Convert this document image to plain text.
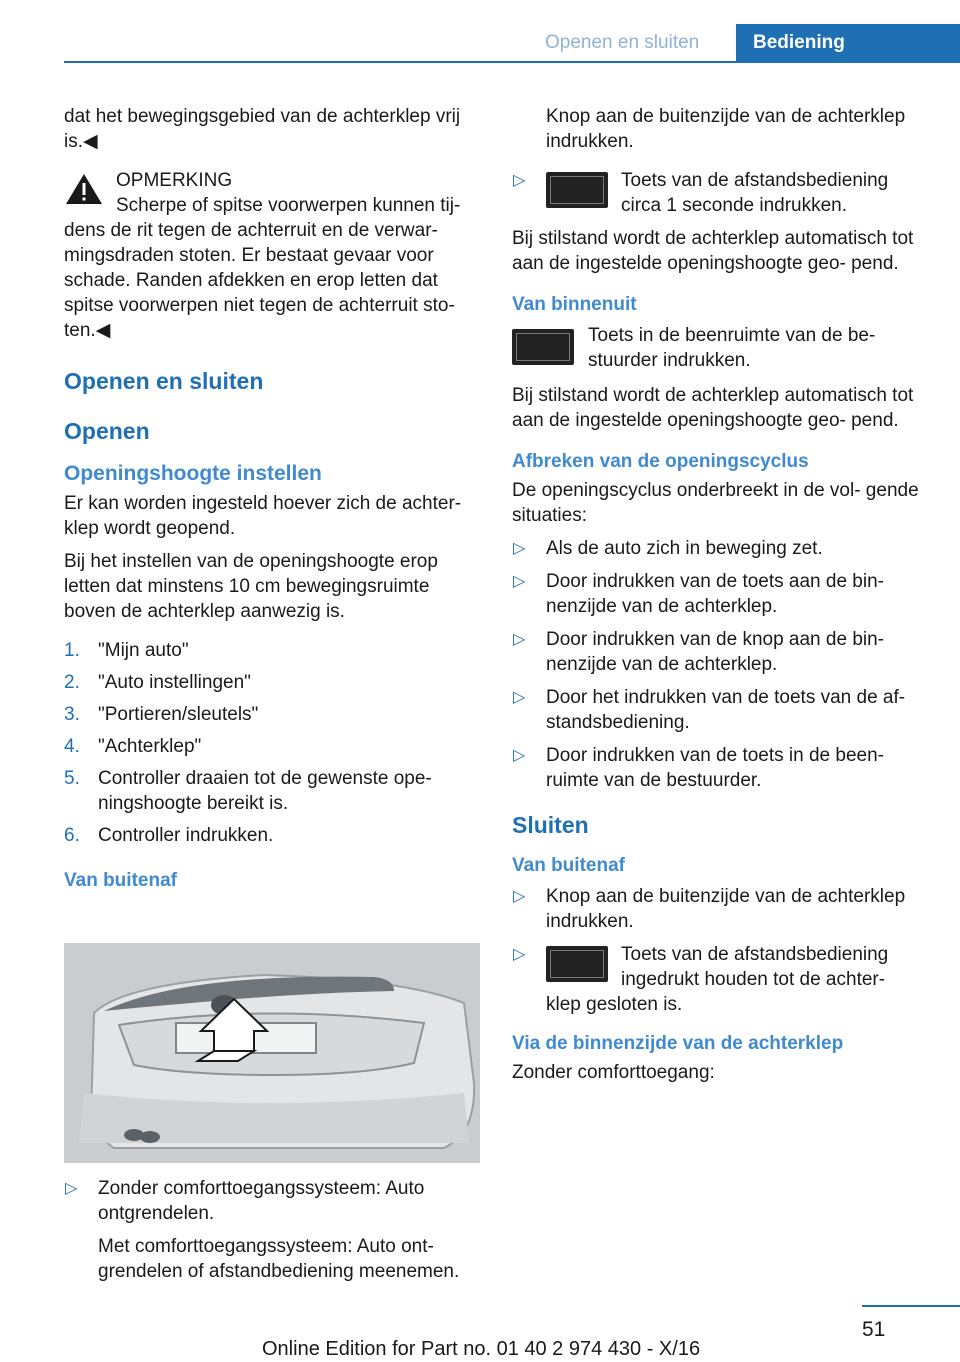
Openen en sluiten	Bediening

dat het bewegingsgebied van de achterklep vrij is.◀

OPMERKING

Scherpe of spitse voorwerpen kunnen tij-

dens de rit tegen de achterruit en de verwar- mingsdraden stoten. Er bestaat gevaar voor schade. Randen afdekken en erop letten dat spitse voorwerpen niet tegen de achterruit sto- ten.◀

Openen en sluiten

Openen

Openingshoogte instellen

Er kan worden ingesteld hoever zich de achter- klep wordt geopend.

Bij het instellen van de openingshoogte erop letten dat minstens 10 cm bewegingsruimte boven de achterklep aanwezig is.

1. "Mijn auto"
2. "Auto instellingen"
3. "Portieren/sleutels"
4. "Achterklep"
5. Controller draaien tot de gewenste ope- ningshoogte bereikt is.
6. Controller indrukken.

Van buitenaf

▷ Zonder comforttoegangssysteem: Auto ontgrendelen.

Met comforttoegangssysteem: Auto ont- grendelen of afstandbediening meenemen.

Knop aan de buitenzijde van de achterklep indrukken.

▷	Toets van de afstandsbediening circa 1 seconde indrukken.

Bij stilstand wordt de achterklep automatisch tot aan de ingestelde openingshoogte geo- pend.

Van binnenuit

Toets in de beenruimte van de be- stuurder indrukken.

Bij stilstand wordt de achterklep automatisch tot aan de ingestelde openingshoogte geo- pend.

Afbreken van de openingscyclus

De openingscyclus onderbreekt in de vol- gende situaties:

▷ Als de auto zich in beweging zet.
▷ Door indrukken van de toets aan de bin- nenzijde van de achterklep.
▷ Door indrukken van de knop aan de bin- nenzijde van de achterklep.
▷ Door het indrukken van de toets van de af- standsbediening.
▷ Door indrukken van de toets in de been- ruimte van de bestuurder.

Sluiten

Van buitenaf

▷ Knop aan de buitenzijde van de achterklep indrukken.
▷	Toets van de afstandsbediening ingedrukt houden tot de achter-

klep gesloten is.

Via de binnenzijde van de achterklep

Zonder comforttoegang:

51
Online Edition for Part no. 01 40 2 974 430 - X/16
